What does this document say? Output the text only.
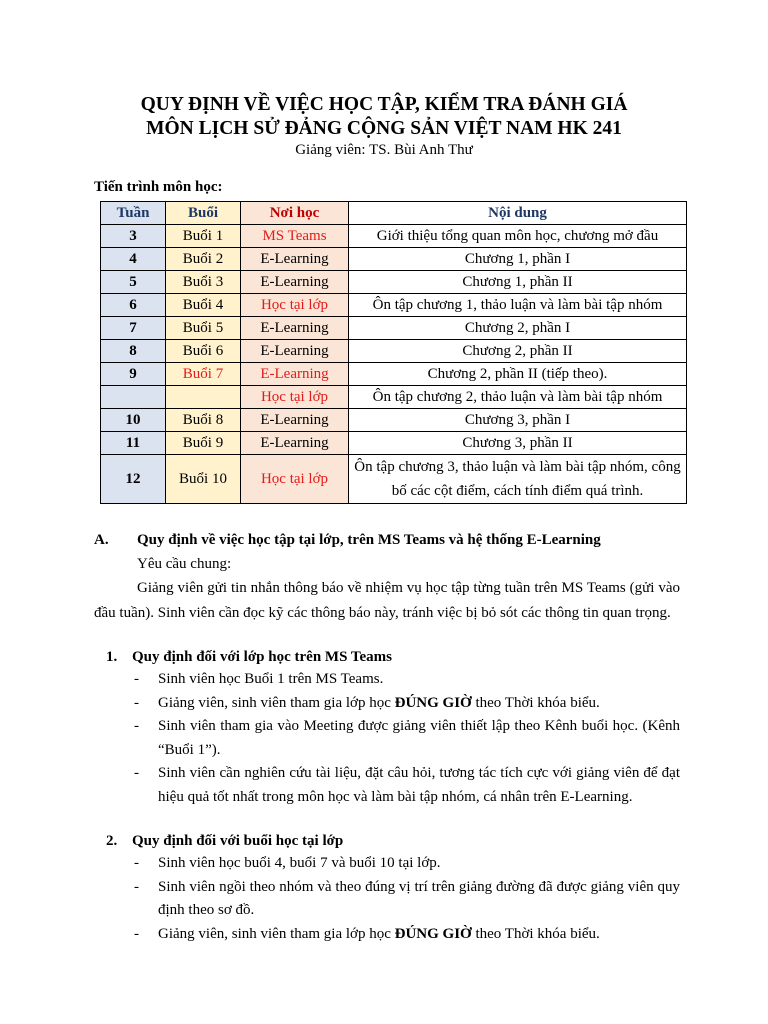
QUY ĐỊNH VỀ VIỆC HỌC TẬP, KIỂM TRA ĐÁNH GIÁ
MÔN LỊCH SỬ ĐẢNG CỘNG SẢN VIỆT NAM HK 241
Giảng viên: TS. Bùi Anh Thư
Tiến trình môn học:
Tuần	Buổi	Nơi học	Nội dung
3	Buổi 1	MS Teams	Giới thiệu tổng quan môn học, chương mở đầu
4	Buổi 2	E-Learning	Chương 1, phần I
5	Buổi 3	E-Learning	Chương 1, phần II
6	Buổi 4	Học tại lớp	Ôn tập chương 1, thảo luận và làm bài tập nhóm
7	Buổi 5	E-Learning	Chương 2, phần I
8	Buổi 6	E-Learning	Chương 2, phần II
9	Buổi 7	E-Learning	Chương 2, phần II (tiếp theo).
		Học tại lớp	Ôn tập chương 2, thảo luận và làm bài tập nhóm
10	Buổi 8	E-Learning	Chương 3, phần I
11	Buổi 9	E-Learning	Chương 3, phần II
12	Buổi 10	Học tại lớp	Ôn tập chương 3, thảo luận và làm bài tập nhóm, công bố các cột điểm, cách tính điểm quá trình.
A. Quy định về việc học tập tại lớp, trên MS Teams và hệ thống E-Learning
Yêu cầu chung:
Giảng viên gửi tin nhắn thông báo về nhiệm vụ học tập từng tuần trên MS Teams (gửi vào đầu tuần). Sinh viên cần đọc kỹ các thông báo này, tránh việc bị bỏ sót các thông tin quan trọng.
1. Quy định đối với lớp học trên MS Teams
- Sinh viên học Buổi 1 trên MS Teams.
- Giảng viên, sinh viên tham gia lớp học ĐÚNG GIỜ theo Thời khóa biểu.
- Sinh viên tham gia vào Meeting được giảng viên thiết lập theo Kênh buổi học. (Kênh “Buổi 1”).
- Sinh viên cần nghiên cứu tài liệu, đặt câu hỏi, tương tác tích cực với giảng viên để đạt hiệu quả tốt nhất trong môn học và làm bài tập nhóm, cá nhân trên E-Learning.
2. Quy định đối với buổi học tại lớp
- Sinh viên học buổi 4, buổi 7 và buổi 10 tại lớp.
- Sinh viên ngồi theo nhóm và theo đúng vị trí trên giảng đường đã được giảng viên quy định theo sơ đồ.
- Giảng viên, sinh viên tham gia lớp học ĐÚNG GIỜ theo Thời khóa biểu.
